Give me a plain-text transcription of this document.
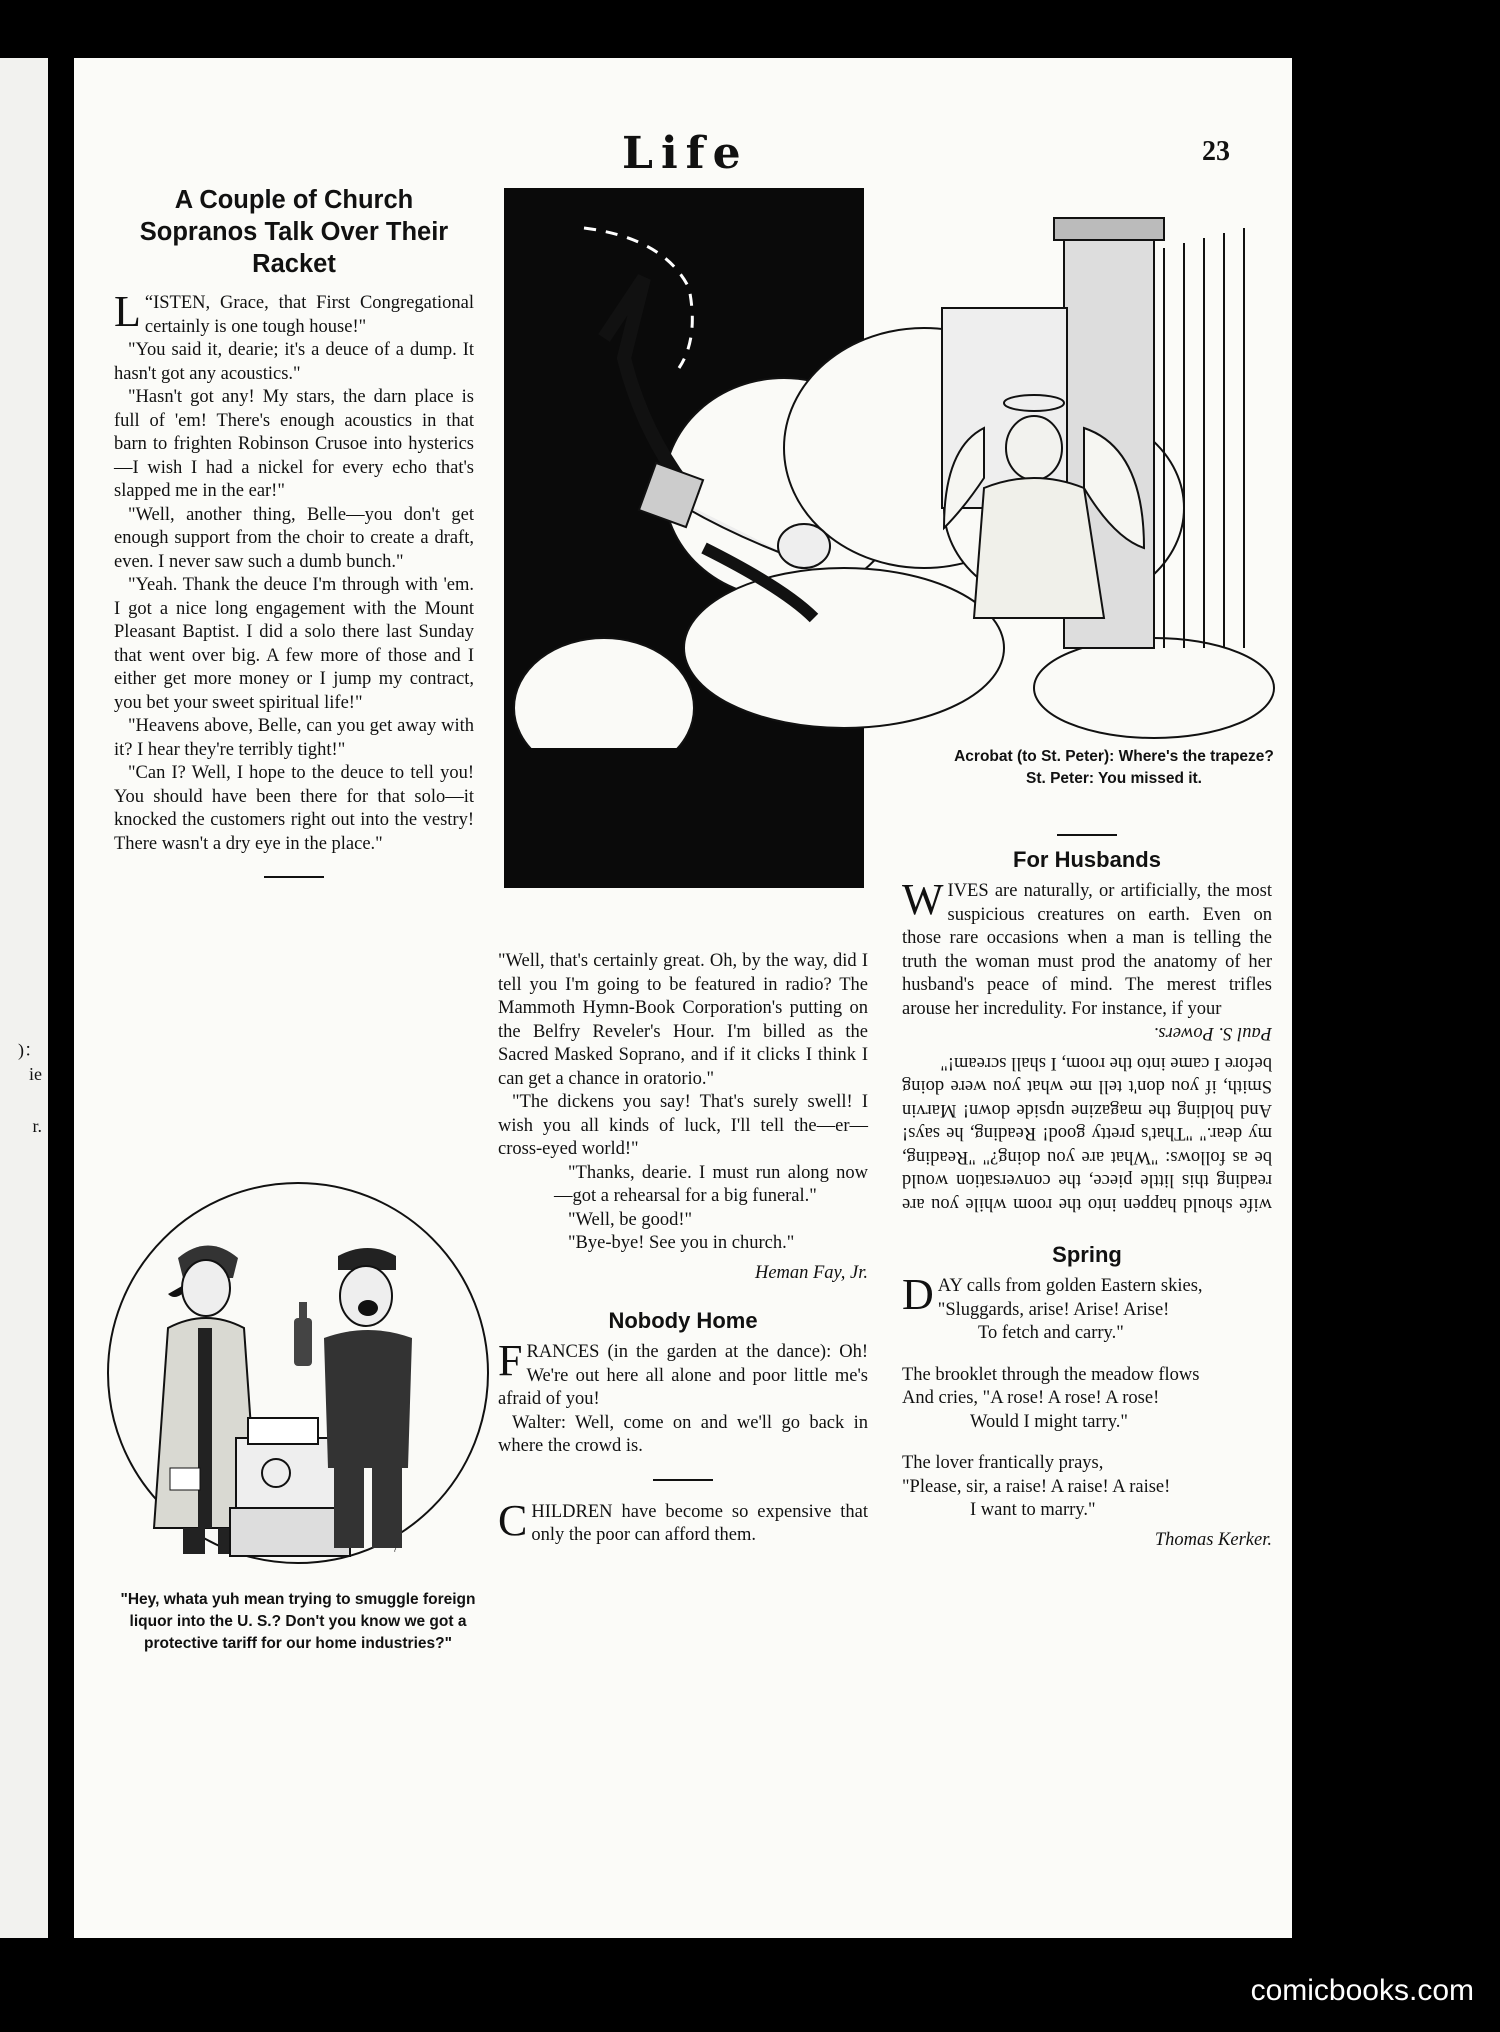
)：
ie
r.
Life	23
A Couple of Church Sopranos Talk Over Their Racket

“
L ISTEN, Grace, that First Congregational certainly is one tough house!"

"You said it, dearie; it's a deuce of a dump. It hasn't got any acoustics."

"Hasn't got any! My stars, the darn place is full of 'em! There's enough acoustics in that barn to frighten Robinson Crusoe into hysterics—I wish I had a nickel for every echo that's slapped me in the ear!"

"Well, another thing, Belle—you don't get enough support from the choir to create a draft, even. I never saw such a dumb bunch."

"Yeah. Thank the deuce I'm through with 'em. I got a nice long engagement with the Mount Pleasant Baptist. I did a solo there last Sunday that went over big. A few more of those and I either get more money or I jump my contract, you bet your sweet spiritual life!"

"Heavens above, Belle, can you get away with it? I hear they're terribly tight!"

"Can I? Well, I hope to the deuce to tell you! You should have been there for that solo—it knocked the customers right out into the vestry! There wasn't a dry eye in the place."

~~
"Hey, whata yuh mean trying to smuggle foreign liquor into the U. S.? Don't you know we got a protective tariff for our home industries?"
Acrobat (to St. Peter): Where's the trapeze?
St. Peter: You missed it.

"Well, that's certainly great. Oh, by the way, did I tell you I'm going to be featured in radio? The Mammoth Hymn-Book Corporation's putting on the Belfry Reveler's Hour. I'm billed as the Sacred Masked Soprano, and if it clicks I think I can get a chance in oratorio."

"The dickens you say! That's surely swell! I wish you all kinds of luck, I'll tell the—er—cross-eyed world!"

"Thanks, dearie. I must run along now—got a rehearsal for a big funeral."

"Well, be good!"

"Bye-bye! See you in church."

Heman Fay, Jr.
Nobody Home

FRANCES (in the garden at the dance): Oh! We're out here all alone and poor little me's afraid of you!

Walter: Well, come on and we'll go back in where the crowd is.

CHILDREN have become so expensive that only the poor can afford them.

For Husbands

WIVES are naturally, or artificially, the most suspicious creatures on earth. Even on those rare occasions when a man is telling the truth the woman must prod the anatomy of her husband's peace of mind. The merest trifles arouse her incredulity. For instance, if your

wife should happen into the room while you are reading this little piece, the conversation would be as follows: "What are you doing?" "Reading, my dear." "That's pretty good! Reading, he says! And holding the magazine upside down! Marvin Smith, if you don't tell me what you were doing before I came into the room, I shall scream!"

Paul S. Powers.
Spring

DAY calls from golden Eastern skies,

"Sluggards, arise! Arise! Arise!

To fetch and carry."

The brooklet through the meadow flows

And cries, "A rose! A rose! A rose!

Would I might tarry."

The lover frantically prays,

"Please, sir, a raise! A raise! A raise!

I want to marry."

Thomas Kerker.
comicbooks.com
